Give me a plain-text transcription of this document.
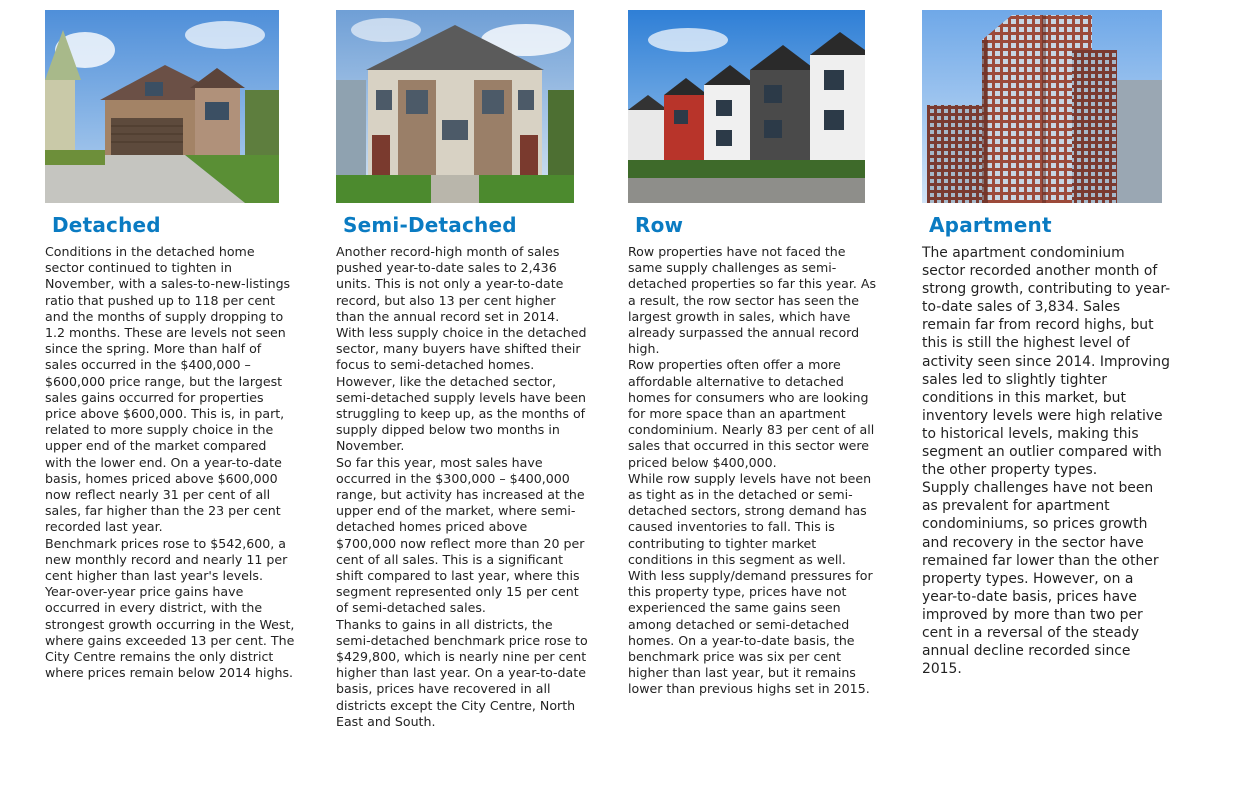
Detached

Conditions in the detached home sector continued to tighten in November, with a sales-to-new-listings ratio that pushed up to 118 per cent and the months of supply dropping to 1.2 months. These are levels not seen since the spring. More than half of sales occurred in the $400,000 – $600,000 price range, but the largest sales gains occurred for properties price above $600,000. This is, in part, related to more supply choice in the upper end of the market compared with the lower end. On a year-to-date basis, homes priced above $600,000 now reflect nearly 31 per cent of all sales, far higher than the 23 per cent recorded last year.

Benchmark prices rose to $542,600, a new monthly record and nearly 11 per cent higher than last year's levels. Year-over-year price gains have occurred in every district, with the strongest growth occurring in the West, where gains exceeded 13 per cent. The City Centre remains the only district where prices remain below 2014 highs.

Semi-Detached

Another record-high month of sales pushed year-to-date sales to 2,436 units. This is not only a year-to-date record, but also 13 per cent higher than the annual record set in 2014. With less supply choice in the detached sector, many buyers have shifted their focus to semi-detached homes. However, like the detached sector, semi-detached supply levels have been struggling to keep up, as the months of supply dipped below two months in November.

So far this year, most sales have occurred in the $300,000 – $400,000 range, but activity has increased at the upper end of the market, where semi-detached homes priced above $700,000 now reflect more than 20 per cent of all sales. This is a significant shift compared to last year, where this segment represented only 15 per cent of semi-detached sales.

Thanks to gains in all districts, the semi-detached benchmark price rose to $429,800, which is nearly nine per cent higher than last year. On a year-to-date basis, prices have recovered in all districts except the City Centre, North East and South.

Row

Row properties have not faced the same supply challenges as semi-detached properties so far this year. As a result, the row sector has seen the largest growth in sales, which have already surpassed the annual record high.

Row properties often offer a more affordable alternative to detached homes for consumers who are looking for more space than an apartment condominium. Nearly 83 per cent of all sales that occurred in this sector were priced below $400,000.

While row supply levels have not been as tight as in the detached or semi-detached sectors, strong demand has caused inventories to fall. This is contributing to tighter market conditions in this segment as well.

With less supply/demand pressures for this property type, prices have not experienced the same gains seen among detached or semi-detached homes. On a year-to-date basis, the benchmark price was six per cent higher than last year, but it remains lower than previous highs set in 2015.

Apartment

The apartment condominium sector recorded another month of strong growth, contributing to year-to-date sales of 3,834. Sales remain far from record highs, but this is still the highest level of activity seen since 2014. Improving sales led to slightly tighter conditions in this market, but inventory levels were high relative to historical levels, making this segment an outlier compared with the other property types.

Supply challenges have not been as prevalent for apartment condominiums, so prices growth and recovery in the sector have remained far lower than the other property types. However, on a year-to-date basis, prices have improved by more than two per cent in a reversal of the steady annual decline recorded since 2015.
